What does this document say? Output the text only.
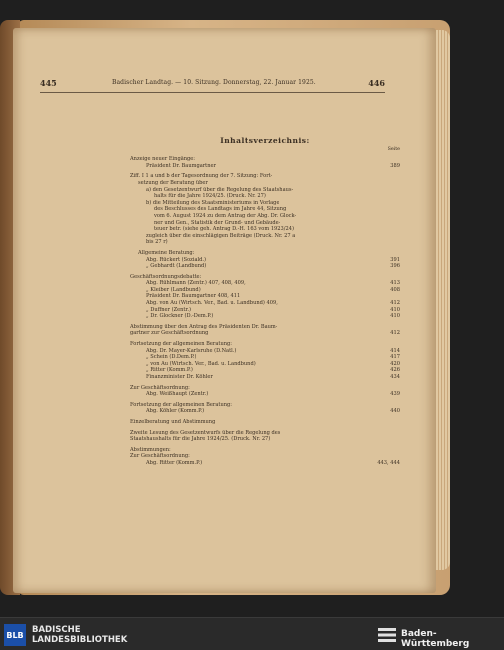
445	Badischer Landtag. — 10. Sitzung. Donnerstag, 22. Januar 1925.	446
Inhaltsverzeichnis:
Seite
Anzeige neuer Eingänge:
Präsident Dr. Baumgartner	389
Ziff. I 1 a und b der Tagesordnung der 7. Sitzung: Fort-
setzung der Beratung über
a) den Gesetzentwurf über die Regelung des Staatshaus-
halts für die Jahre 1924/25. (Druck. Nr. 27)
b) die Mitteilung des Staatsministeriums in Vorlage
des Beschlusses des Landtags im Jahre 44, Sitzung
vom 6. August 1924 zu dem Antrag der Abg. Dr. Glock-
ner und Gen., Statistik der Grund- und Gebäude-
teuer betr. (siehe geh. Antrag D.-H. 163 vom 1923/24)
zugleich über die einschlägigen Beiträge (Druck. Nr. 27 a
bis 27 r)
Allgemeine Beratung:
Abg. Rückert (Soziald.)	391
„ Gebhardt (Landbund)	396
Geschäftsordnungsdebatte:
Abg. Rühlmann (Zentr.) 407, 408, 409,	413
„ Kleiber (Landbund)	408
Präsident Dr. Baumgartner 408, 411
Abg. von Au (Wirtsch. Ver., Bad. u. Landbund) 409,	412
„ Duffner (Zentr.)	410
„ Dr. Glockner (D.-Dem.P.)	410
Abstimmung über den Antrag des Präsidenten Dr. Baum-
gartner zur Geschäftsordnung	412
Fortsetzung der allgemeinen Beratung:
Abg. Dr. Mayer-Karlsruhe (D.Natl.)	414
„ Schein (D.Dem.P.)	417
„ von Au (Wirtsch. Ver., Bad. u. Landbund)	420
„ Ritter (Komm.P.)	426
Finanzminister Dr. Köhler	434
Zur Geschäftsordnung:
Abg. Weißhaupt (Zentr.)	439
Fortsetzung der allgemeinen Beratung:
Abg. Köhler (Komm.P.)	440
Einzelberatung und Abstimmung
Zweite Lesung des Gesetzentwurfs über die Regelung des
Staatshaushalts für die Jahre 1924/25. (Druck. Nr. 27)
Abstimmungen:
Zur Geschäftsordnung:
Abg. Ritter (Komm.P.)	443, 444
BLB BADISCHE
LANDESBIBLIOTHEK
Baden-Württemberg
